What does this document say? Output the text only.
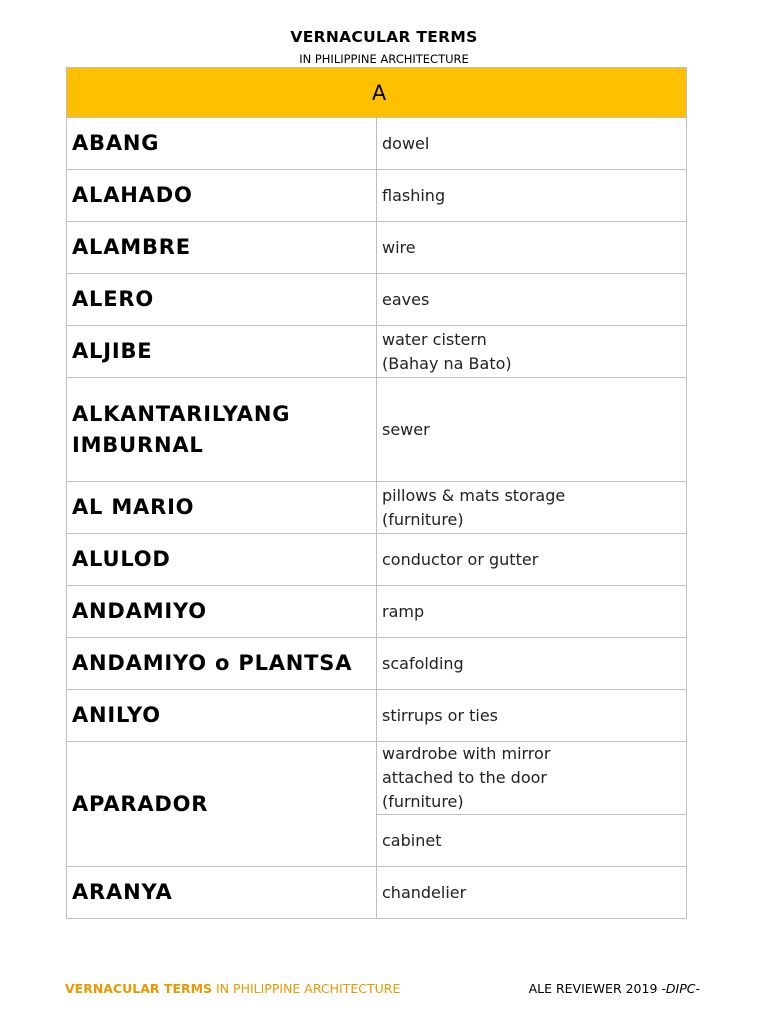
VERNACULAR TERMS
IN PHILIPPINE ARCHITECTURE
A	
ABANG	dowel
ALAHADO	flashing
ALAMBRE	wire
ALERO	eaves
ALJIBE	water cistern
(Bahay na Bato)
ALKANTARILYANG
IMBURNAL	sewer
AL MARIO	pillows & mats storage
(furniture)
ALULOD	conductor or gutter
ANDAMIYO	ramp
ANDAMIYO o PLANTSA	scafolding
ANILYO	stirrups or ties
APARADOR	wardrobe with mirror
attached to the door
(furniture)
	cabinet
ARANYA	chandelier
VERNACULAR TERMS IN PHILIPPINE ARCHITECTURE	ALE REVIEWER 2019 -DIPC-
